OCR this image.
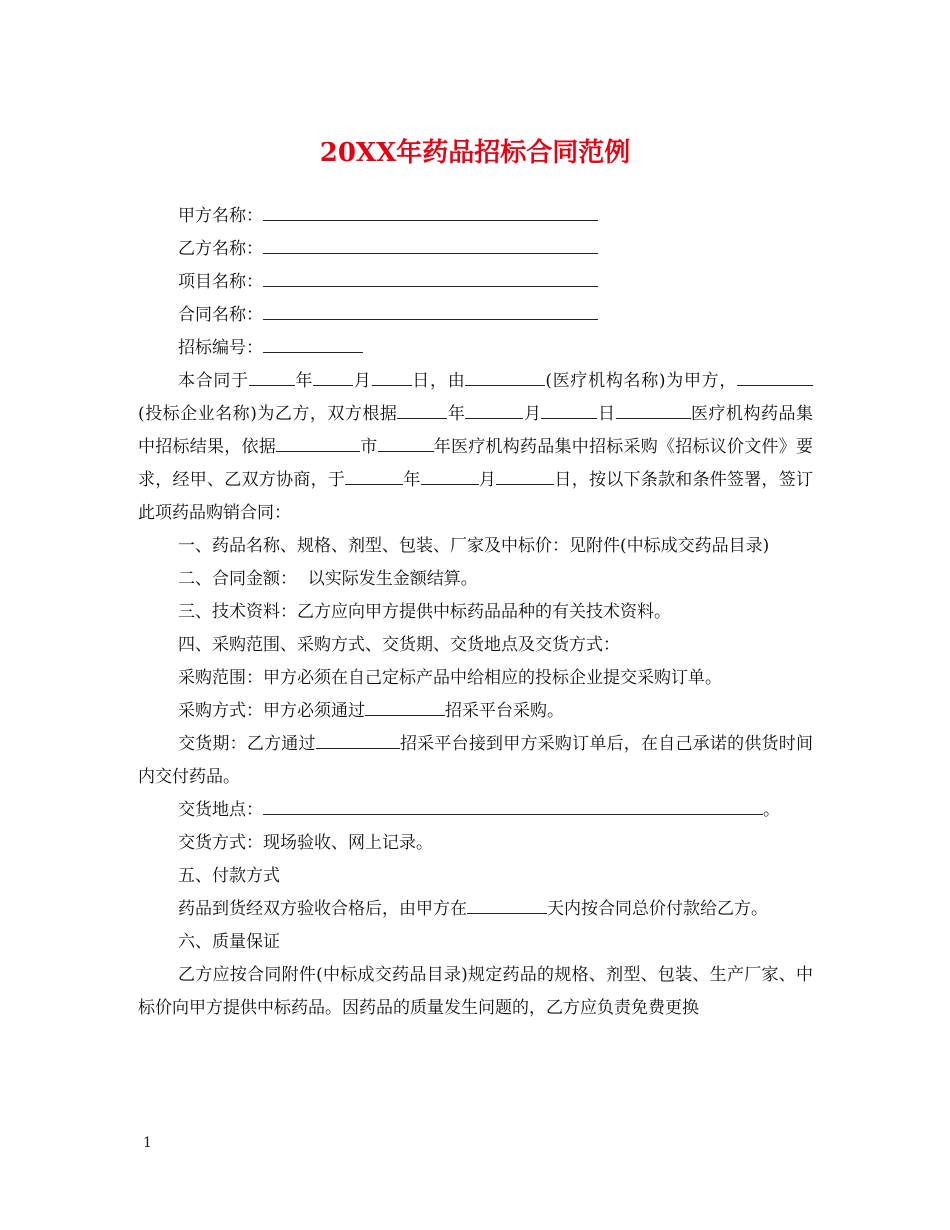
20XX年药品招标合同范例

甲方名称：

乙方名称：

项目名称：

合同名称：

招标编号：

本合同于	年 月 日，由	(医疗机构名称)为甲方，(投标企业名称)为乙方，双方根据	年	月	日	医疗机构药品集中招标结果，依据	市	年医疗机构药品集中招标采购《招标议价文件》要求，经甲、乙双方协商，于	年	月	日，按以下条款和条件签署，签订此项药品购销合同：

一、药品名称、规格、剂型、包装、厂家及中标价：见附件(中标成交药品目录)

二、合同金额：  以实际发生金额结算。

三、技术资料：乙方应向甲方提供中标药品品种的有关技术资料。

四、采购范围、采购方式、交货期、交货地点及交货方式：

采购范围：甲方必须在自己定标产品中给相应的投标企业提交采购订单。

采购方式：甲方必须通过	招采平台采购。

交货期：乙方通过	招采平台接到甲方采购订单后，在自己承诺的供货时间内交付药品。

交货地点：	。

交货方式：现场验收、网上记录。

五、付款方式

药品到货经双方验收合格后，由甲方在	天内按合同总价付款给乙方。

六、质量保证

乙方应按合同附件(中标成交药品目录)规定药品的规格、剂型、包装、生产厂家、中标价向甲方提供中标药品。因药品的质量发生问题的，乙方应负责免费更换

1
